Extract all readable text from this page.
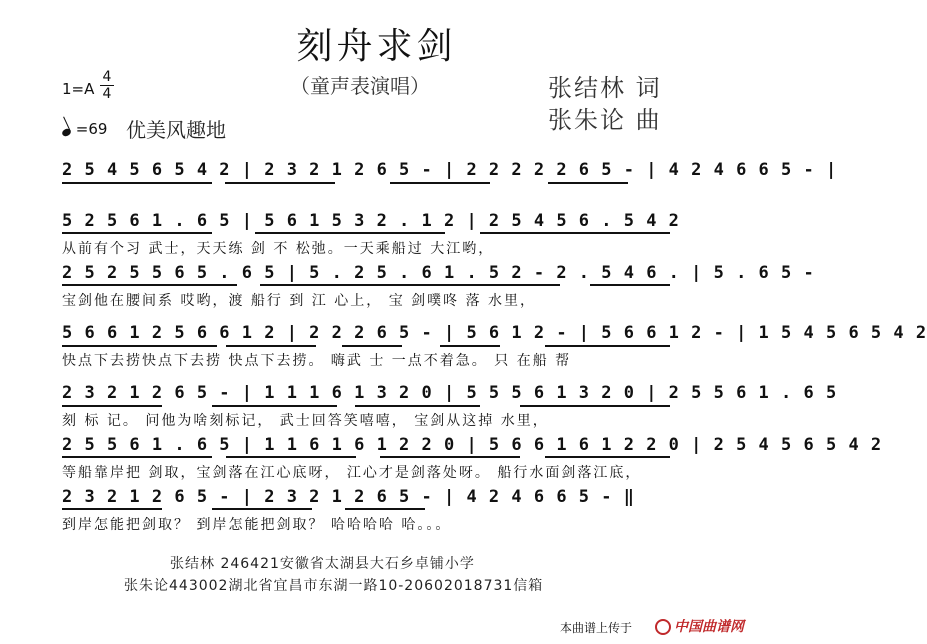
刻舟求剑
（童声表演唱）	张结林 词
张朱论 曲
1=A
4
4
=69 优美风趣地
2 5 4 5 6 5 4 2 | 2 3 2 1 2 6 5 - | 2 2 2 2 2 6 5 - | 4 2 4 6 6 5 - |
5 2 5 6 1 . 6 5 | 5 6 1 5 3 2 . 1 2 | 2 5 4 5 6 . 5 4 2
从前有个习 武士，天天练 剑 不 松弛。一天乘船过 大江哟，
2 5 2 5 5 6 5 . 6 5 | 5 . 2 5 . 6 1 . 5 2 - 2 . 5 4 6 . | 5 . 6 5 -
宝剑他在腰间系 哎哟，渡 船行 到 江 心上， 宝 剑噗咚 落 水里，
5 6 6 1 2 5 6 6 1 2 | 2 2 2 6 5 - | 5 6 1 2 - | 5 6 6 1 2 - | 1 5 4 5 6 5 4 2
快点下去捞快点下去捞 快点下去捞。 嗨武 士 一点不着急。 只 在船 帮
2 3 2 1 2 6 5 - | 1 1 1 6 1 3 2 0 | 5 5 5 6 1 3 2 0 | 2 5 5 6 1 . 6 5
刻 标 记。 问他为啥刻标记， 武士回答笑嘻嘻， 宝剑从这掉 水里，
2 5 5 6 1 . 6 5 | 1 1 6 1 6 1 2 2 0 | 5 6 6 1 6 1 2 2 0 | 2 5 4 5 6 5 4 2
等船靠岸把 剑取，宝剑落在江心底呀， 江心才是剑落处呀。 船行水面剑落江底，
2 3 2 1 2 6 5 - | 2 3 2 1 2 6 5 - | 4 2 4 6 6 5 - ‖
到岸怎能把剑取？ 到岸怎能把剑取？ 哈哈哈哈 哈。。。
张结林 246421安徽省太湖县大石乡卓铺小学
张朱论443002湖北省宜昌市东湖一路10-20602018731信箱
本曲谱上传于	中国曲谱网
